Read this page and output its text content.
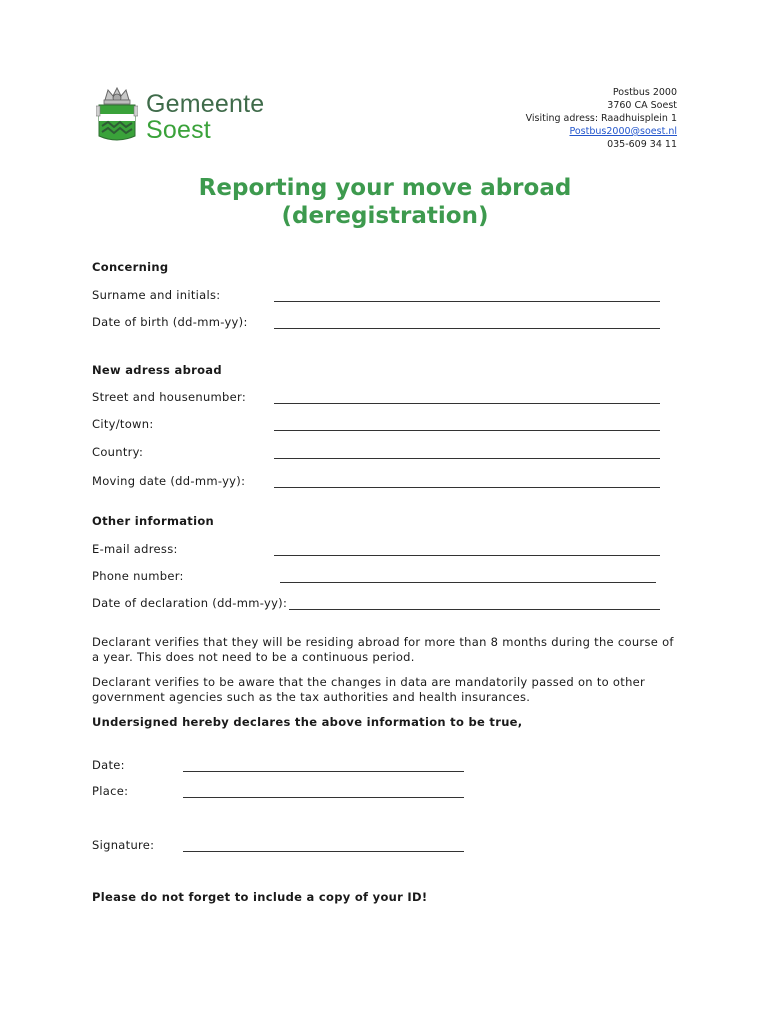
Gemeente
Soest
Postbus 2000
3760 CA Soest
Visiting adress: Raadhuisplein 1
Postbus2000@soest.nl
035-609 34 11
Reporting your move abroad
(deregistration)
Concerning
Surname and initials:
Date of birth (dd-mm-yy):
New adress abroad
Street and housenumber:
City/town:
Country:
Moving date (dd-mm-yy):
Other information
E-mail adress:
Phone number:
Date of declaration (dd-mm-yy):
Declarant verifies that they will be residing abroad for more than 8 months during the course of a year. This does not need to be a continuous period.
Declarant verifies to be aware that the changes in data are mandatorily passed on to other government agencies such as the tax authorities and health insurances.
Undersigned hereby declares the above information to be true,
Date:
Place:
Signature:
Please do not forget to include a copy of your ID!
